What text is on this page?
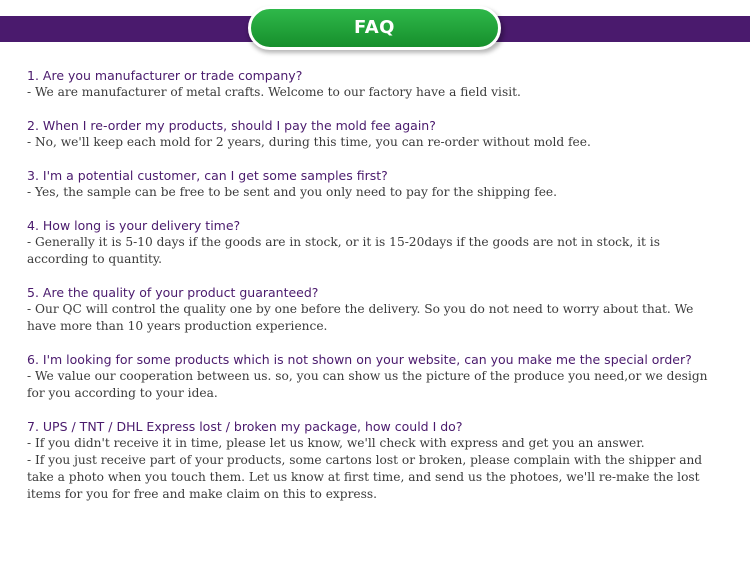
FAQ
1. Are you manufacturer or trade company?
- We are manufacturer of metal crafts. Welcome to our factory have a field visit.
2. When I re-order my products, should I pay the mold fee again?
- No, we'll keep each mold for 2 years, during this time, you can re-order without mold fee.
3. I'm a potential customer, can I get some samples first?
- Yes, the sample can be free to be sent and you only need to pay for the shipping fee.
4. How long is your delivery time?
- Generally it is 5-10 days if the goods are in stock, or it is 15-20days if the goods are not in stock, it is according to quantity.
5. Are the quality of your product guaranteed?
- Our QC will control the quality one by one before the delivery. So you do not need to worry about that. We have more than 10 years production experience.
6. I'm looking for some products which is not shown on your website, can you make me the special order?
- We value our cooperation between us. so, you can show us the picture of the produce you need,or we design for you according to your idea.
7. UPS / TNT / DHL Express lost / broken my package, how could I do?
- If you didn't receive it in time, please let us know, we'll check with express and get you an answer.
- If you just receive part of your products, some cartons lost or broken, please complain with the shipper and take a photo when you touch them. Let us know at first time, and send us the photoes, we'll re-make the lost items for you for free and make claim on this to express.
